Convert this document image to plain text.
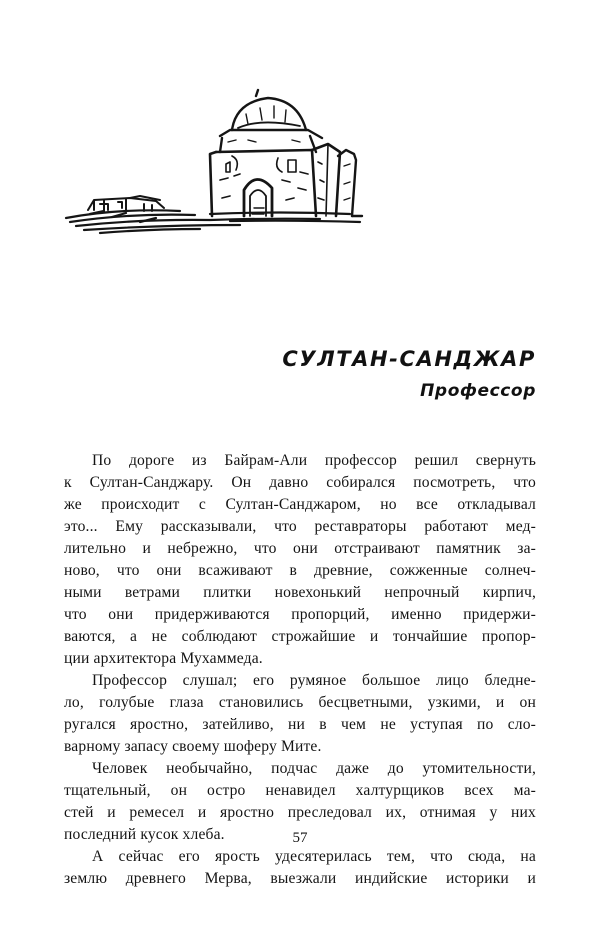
СУЛТАН-САНДЖАР
Профессор
По дороге из Байрам-Али профессор решил свернуть
к Султан-Санджару. Он давно собирался посмотреть, что
же происходит с Султан-Санджаром, но все откладывал
это... Ему рассказывали, что реставраторы работают мед-
лительно и небрежно, что они отстраивают памятник за-
ново, что они всаживают в древние, сожженные солнеч-
ными ветрами плитки новехонький непрочный кирпич,
что они придерживаются пропорций, именно придержи-
ваются, а не соблюдают строжайшие и тончайшие пропор-
ции архитектора Мухаммеда.
Профессор слушал; его румяное большое лицо бледне-
ло, голубые глаза становились бесцветными, узкими, и он
ругался яростно, затейливо, ни в чем не уступая по сло-
варному запасу своему шоферу Мите.
Человек необычайно, подчас даже до утомительности,
тщательный, он остро ненавидел халтурщиков всех ма-
стей и ремесел и яростно преследовал их, отнимая у них
последний кусок хлеба.
А сейчас его ярость удесятерилась тем, что сюда, на
землю древнего Мерва, выезжали индийские историки и
57
